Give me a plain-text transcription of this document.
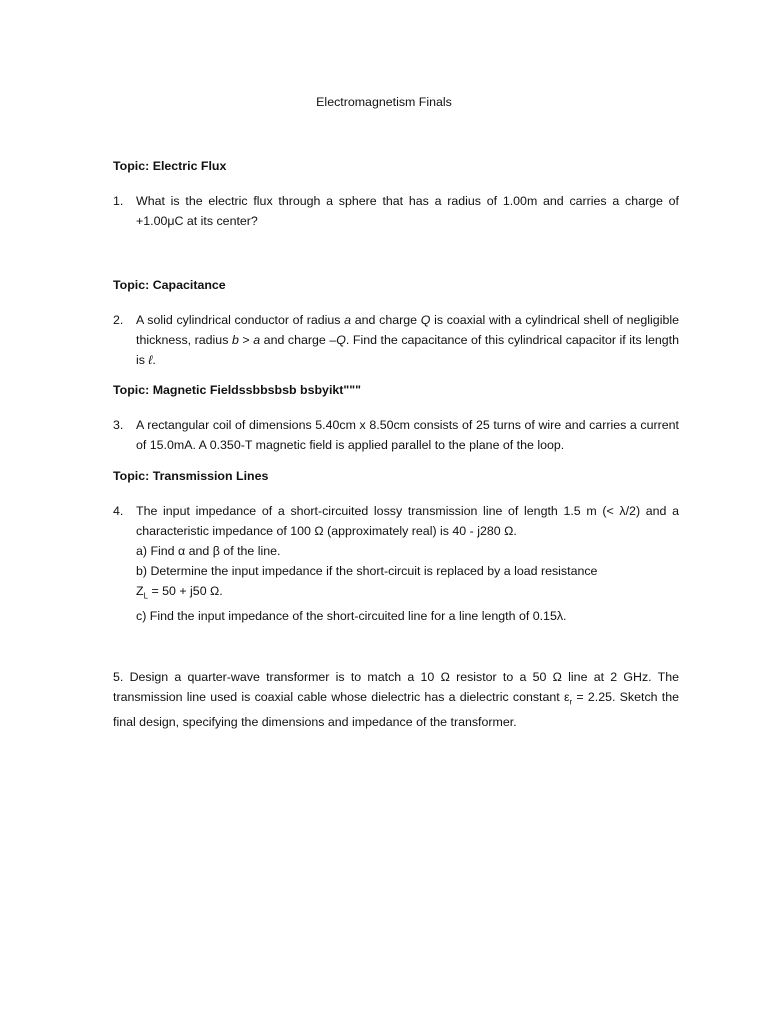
Electromagnetism Finals
Topic: Electric Flux
1. What is the electric flux through a sphere that has a radius of 1.00m and carries a charge of +1.00μC at its center?

Topic: Capacitance
2. A solid cylindrical conductor of radius a and charge Q is coaxial with a cylindrical shell of negligible thickness, radius b > a and charge –Q. Find the capacitance of this cylindrical capacitor if its length is ℓ.

Topic: Magnetic Fieldssbbsbsb bsbyikt"""
3. A rectangular coil of dimensions 5.40cm x 8.50cm consists of 25 turns of wire and carries a current of 15.0mA. A 0.350-T magnetic field is applied parallel to the plane of the loop.

Topic: Transmission Lines
4. The input impedance of a short-circuited lossy transmission line of length 1.5 m (< λ/2) and a characteristic impedance of 100 Ω (approximately real) is 40 - j280 Ω.

a) Find α and β of the line.

b) Determine the input impedance if the short-circuit is replaced by a load resistance

$Z_L = 50 + j50$ Ω.

c) Find the input impedance of the short-circuited line for a line length of 0.15λ.

5. Design a quarter-wave transformer is to match a 10 Ω resistor to a 50 Ω line at 2 GHz. The transmission line used is coaxial cable whose dielectric has a dielectric constant $\varepsilon_r = 2.25$. Sketch the final design, specifying the dimensions and impedance of the transformer.
